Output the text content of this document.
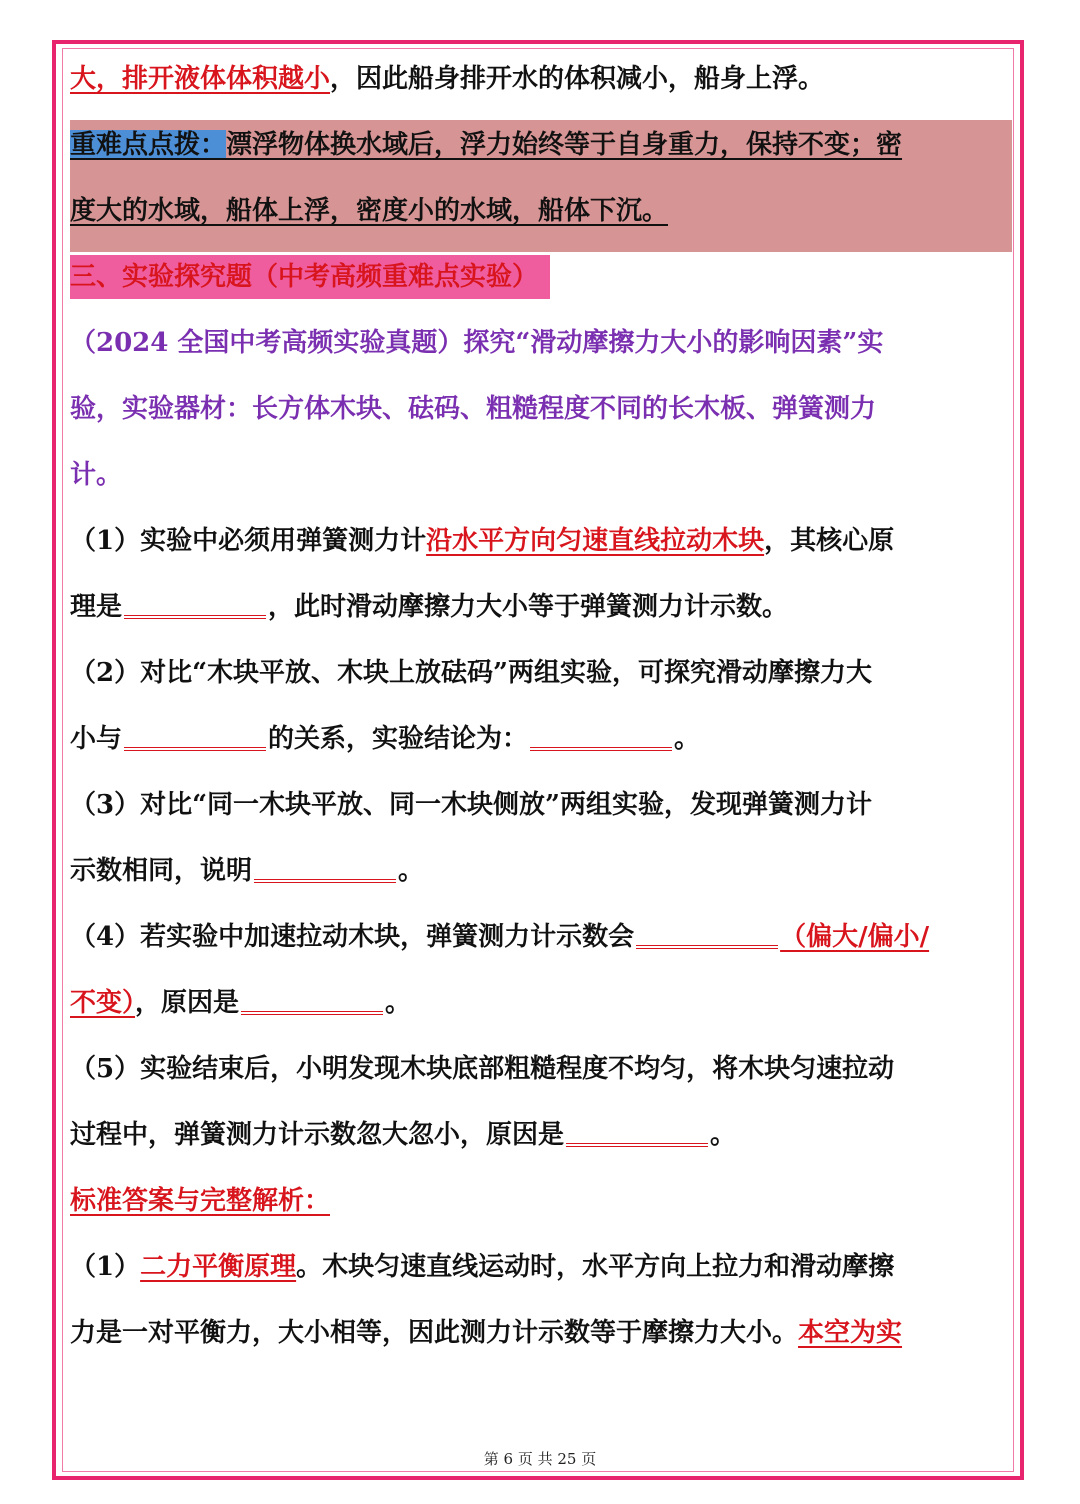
大，排开液体体积越小，因此船身排开水的体积减小，船身上浮。
重难点点拨：漂浮物体换水域后，浮力始终等于自身重力，保持不变；密
度大的水域，船体上浮，密度小的水域，船体下沉。
三、实验探究题（中考高频重难点实验）
（2024 全国中考高频实验真题）探究“滑动摩擦力大小的影响因素”实
验，实验器材：长方体木块、砝码、粗糙程度不同的长木板、弹簧测力
计。
（1）实验中必须用弹簧测力计沿水平方向匀速直线拉动木块，其核心原
理是	，此时滑动摩擦力大小等于弹簧测力计示数。
（2）对比“木块平放、木块上放砝码”两组实验，可探究滑动摩擦力大
小与	的关系，实验结论为：	。
（3）对比“同一木块平放、同一木块侧放”两组实验，发现弹簧测力计
示数相同，说明	。
（4）若实验中加速拉动木块，弹簧测力计示数会	（偏大/偏小/
不变），原因是	。
（5）实验结束后，小明发现木块底部粗糙程度不均匀，将木块匀速拉动
过程中，弹簧测力计示数忽大忽小，原因是	。
标准答案与完整解析：
（1）二力平衡原理。木块匀速直线运动时，水平方向上拉力和滑动摩擦
力是一对平衡力，大小相等，因此测力计示数等于摩擦力大小。本空为实
第 6 页 共 25 页
